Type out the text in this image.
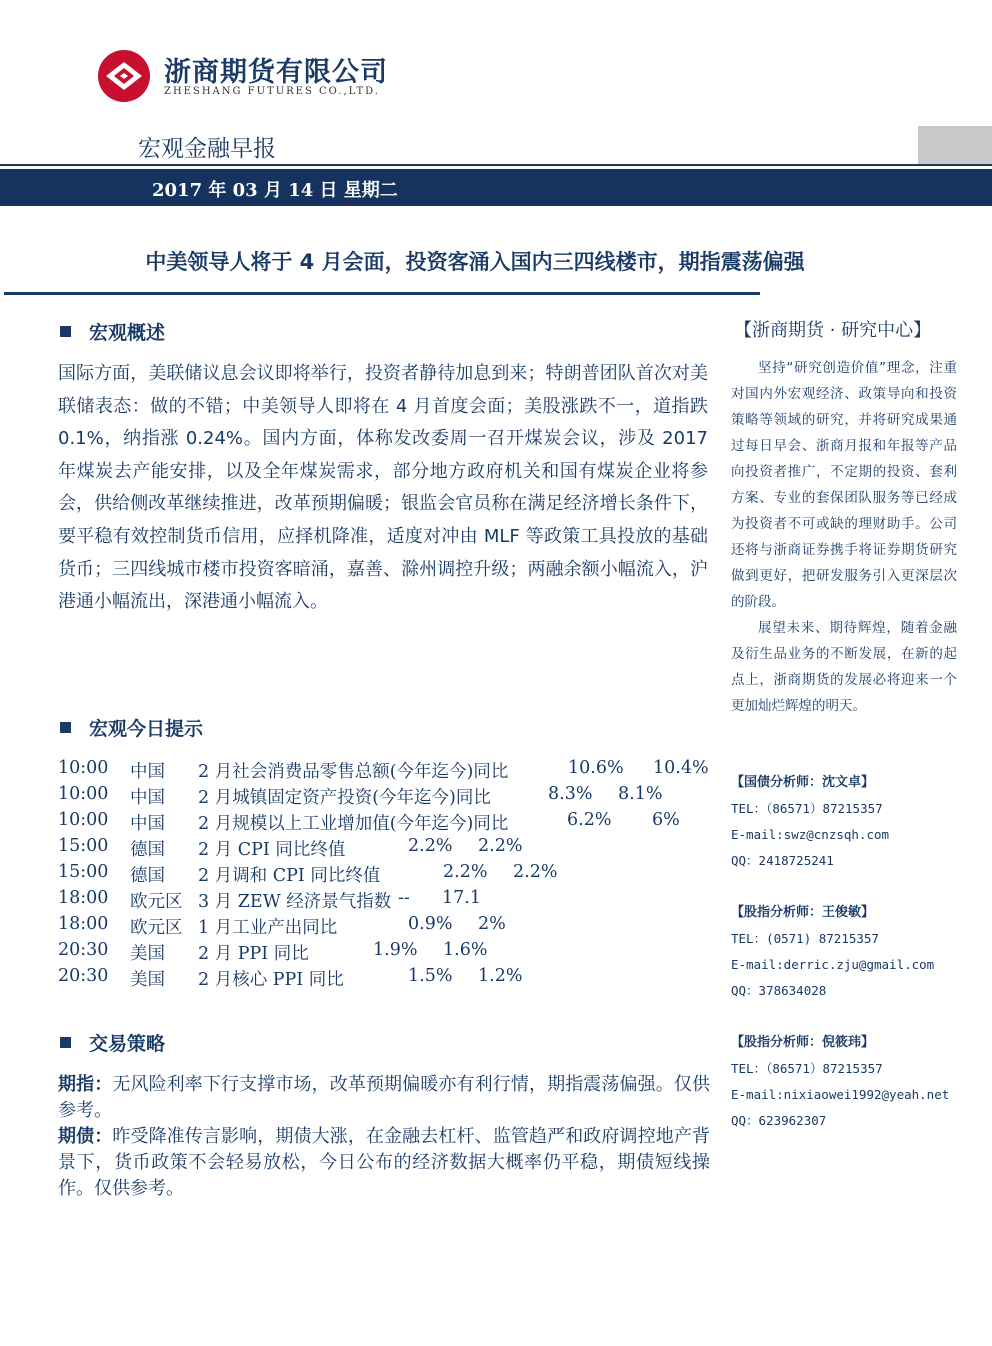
浙商期货有限公司
ZHESHANG FUTURES CO.,LTD.
宏观金融早报
2017 年 03 月 14 日 星期二
中美领导人将于 4 月会面，投资客涌入国内三四线楼市，期指震荡偏强
宏观概述
国际方面，美联储议息会议即将举行，投资者静待加息到来；特朗普团队首次对美联储表态：做的不错；中美领导人即将在 4 月首度会面；美股涨跌不一，道指跌 0.1%，纳指涨 0.24%。国内方面，体称发改委周一召开煤炭会议，涉及 2017 年煤炭去产能安排，以及全年煤炭需求，部分地方政府机关和国有煤炭企业将参会，供给侧改革继续推进，改革预期偏暖；银监会官员称在满足经济增长条件下，要平稳有效控制货币信用，应择机降准，适度对冲由 MLF 等政策工具投放的基础货币；三四线城市楼市投资客暗涌，嘉善、滁州调控升级；两融余额小幅流入，沪港通小幅流出，深港通小幅流入。
宏观今日提示
10:00 中国 2 月社会消费品零售总额(今年迄今)同比	10.6% 10.4%
10:00 中国 2 月城镇固定资产投资(今年迄今)同比	8.3% 8.1%
10:00 中国 2 月规模以上工业增加值(今年迄今)同比	6.2% 6%
15:00 德国 2 月 CPI 同比终值	2.2% 2.2%
15:00 德国 2 月调和 CPI 同比终值	2.2% 2.2%
18:00 欧元区 3 月 ZEW 经济景气指数 -- 17.1
18:00 欧元区 1 月工业产出同比	0.9% 2%
20:30 美国 2 月 PPI 同比	1.9% 1.6%
20:30 美国 2 月核心 PPI 同比	1.5% 1.2%
交易策略

期指：无风险利率下行支撑市场，改革预期偏暖亦有利行情，期指震荡偏强。仅供参考。

期债：昨受降准传言影响，期债大涨，在金融去杠杆、监管趋严和政府调控地产背景下，货币政策不会轻易放松，今日公布的经济数据大概率仍平稳，期债短线操作。仅供参考。

【浙商期货 · 研究中心】

坚持“研究创造价值”理念，注重对国内外宏观经济、政策导向和投资策略等领域的研究，并将研究成果通过每日早会、浙商月报和年报等产品向投资者推广，不定期的投资、套利方案、专业的套保团队服务等已经成为投资者不可或缺的理财助手。公司还将与浙商证券携手将证券期货研究做到更好，把研发服务引入更深层次的阶段。

展望未来、期待辉煌，随着金融及衍生品业务的不断发展，在新的起点上，浙商期货的发展必将迎来一个更加灿烂辉煌的明天。

【国债分析师：沈文卓】
TEL：（86571）87215357
E-mail:swz@cnzsqh.com
QQ：2418725241
【股指分析师：王俊敏】
TEL：(0571) 87215357
E-mail:derric.zju@gmail.com
QQ：378634028
【股指分析师：倪筱玮】
TEL：（86571）87215357
E-mail:nixiaowei1992@yeah.net
QQ：623962307
